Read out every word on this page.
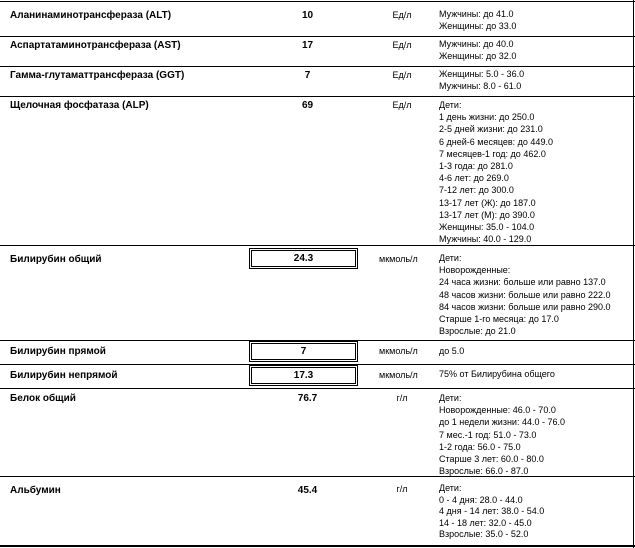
Аланинаминотрансфераза (ALT)	10	Ед/л	Мужчины: до 41.0
Женщины: до 33.0
Аспартатаминотрансфераза (AST)	17	Ед/л	Мужчины: до 40.0
Женщины: до 32.0
Гамма-глутаматтрансфераза (GGT)	7	Ед/л	Женщины: 5.0 - 36.0
Мужчины: 8.0 - 61.0
Щелочная фосфатаза (ALP)	69	Ед/л	Дети:
1 день жизни: до 250.0
2-5 дней жизни: до 231.0
6 дней-6 месяцев: до 449.0
7 месяцев-1 год: до 462.0
1-3 года: до 281.0
4-6 лет: до 269.0
7-12 лет: до 300.0
13-17 лет (Ж): до 187.0
13-17 лет (М): до 390.0
Женщины: 35.0 - 104.0
Мужчины: 40.0 - 129.0
Билирубин общий	24.3	мкмоль/л	Дети:
Новорожденные:
24 часа жизни: больше или равно 137.0
48 часов жизни: больше или равно 222.0
84 часов жизни: больше или равно 290.0
Старше 1-го месяца: до 17.0
Взрослые: до 21.0
Билирубин прямой	7	мкмоль/л	до 5.0
Билирубин непрямой	17.3	мкмоль/л	75% от Билирубина общего
Белок общий	76.7	г/л	Дети:
Новорожденные: 46.0 - 70.0
до 1 недели жизни: 44.0 - 76.0
7 мес.-1 год: 51.0 - 73.0
1-2 года: 56.0 - 75.0
Старше 3 лет: 60.0 - 80.0
Взрослые: 66.0 - 87.0
Альбумин	45.4	г/л	Дети:
0 - 4 дня: 28.0 - 44.0
4 дня - 14 лет: 38.0 - 54.0
14 - 18 лет: 32.0 - 45.0
Взрослые: 35.0 - 52.0
